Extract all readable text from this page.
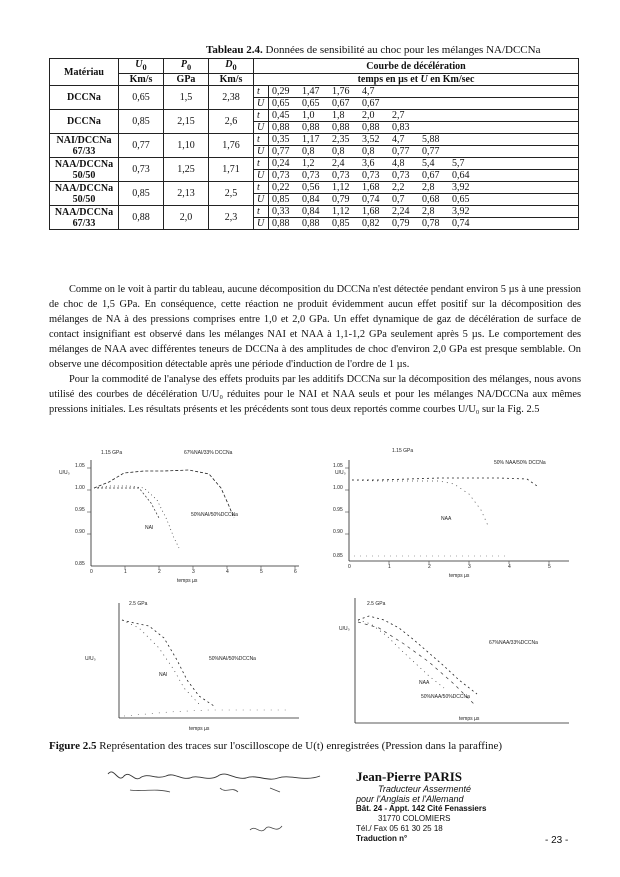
Tableau 2.4. Données de sensibilité au choc pour les mélanges NA/DCCNa
Matériau	$U_0$	$P_0$	$D_0$	Courbe de décélération	
	Km/s	GPa	Km/s	temps en µs et U en Km/sec	

DCCNa	0,65	1,5	2,38	t	0,29 1,47 1,76 4,7
				U	0,65 0,65 0,67 0,67

DCCNa	0,85	2,15	2,6	t	0,45 1,0 1,8 2,0 2,7
				U	0,88 0,88 0,88 0,88 0,83

NAI/DCCNa
67/33	0,77	1,10	1,76	t	0,35 1,17 2,35 3,52 4,7 5,88
				U	0,77 0,8 0,8 0,8 0,77 0,77

NAA/DCCNa
50/50	0,73	1,25	1,71	t	0,24 1,2 2,4 3,6 4,8 5,4 5,7
				U	0,73 0,73 0,73 0,73 0,73 0,67 0,64

NAA/DCCNa
50/50	0,85	2,13	2,5	t	0,22 0,56 1,12 1,68 2,2 2,8 3,92
				U	0,85 0,84 0,79 0,74 0,7 0,68 0,65

NAA/DCCNa
67/33	0,88	2,0	2,3	t	0,33 0,84 1,12 1,68 2,24 2,8 3,92
				U	0,88 0,88 0,85 0,82 0,79 0,78 0,74

Comme on le voit à partir du tableau, aucune décomposition du DCCNa n'est détectée pendant environ 5 µs à une pression de choc de 1,5 GPa. En conséquence, cette réaction ne produit évidemment aucun effet positif sur la décomposition des mélanges de NA à des pressions comprises entre 1,0 et 2,0 GPa. Un effet dynamique de gaz de décélération de surface de contact insignifiant est observé dans les mélanges NAI et NAA à 1,1-1,2 GPa seulement après 5 µs. Le comportement des mélanges de NAA avec différentes teneurs de DCCNa à des amplitudes de choc d'environ 2,0 GPa est presque semblable. On observe une décomposition détectable après une période d'induction de l'ordre de 1 µs.

Pour la commodité de l'analyse des effets produits par les additifs DCCNa sur la décomposition des mélanges, nous avons utilisé des courbes de décélération U/U₀ réduites pour le NAI et NAA seuls et pour les mélanges NA/DCCNa aux mêmes pressions initiales. Les résultats présents et les précédents sont tous deux reportés comme courbes U/U₀ sur la Fig. 2.5

1.15 GPa	67%NAI/33% DCCNa
50%NAI/50%DCCNa
NAI
U/U₀
temps µs
1.05
1.00
0.95
0.90
0.85
0	1	2	3	4	5	6
1.15 GPa
50% NAA/50% DCCNa
NAA
U/U₀
temps µs
1.05
1.00
0.95
0.90
0.85
0	1	2	3	4	5
2.5 GPa
50%NAI/50%DCCNa
NAI
U/U₀
temps µs
2.5 GPa
67%NAA/33%DCCNa
NAA
50%NAA/50%DCCNa
U/U₀
temps µs
Figure 2.5 Représentation des traces sur l'oscilloscope de U(t) enregistrées (Pression dans la paraffine)
Jean-Pierre PARIS
Traducteur Assermenté
pour l'Anglais et l'Allemand
Bât. 24 - Appt. 142 Cité Fenassiers
31770 COLOMIERS
Tél./ Fax 05 61 30 25 18
Traduction n°	- 23 -
